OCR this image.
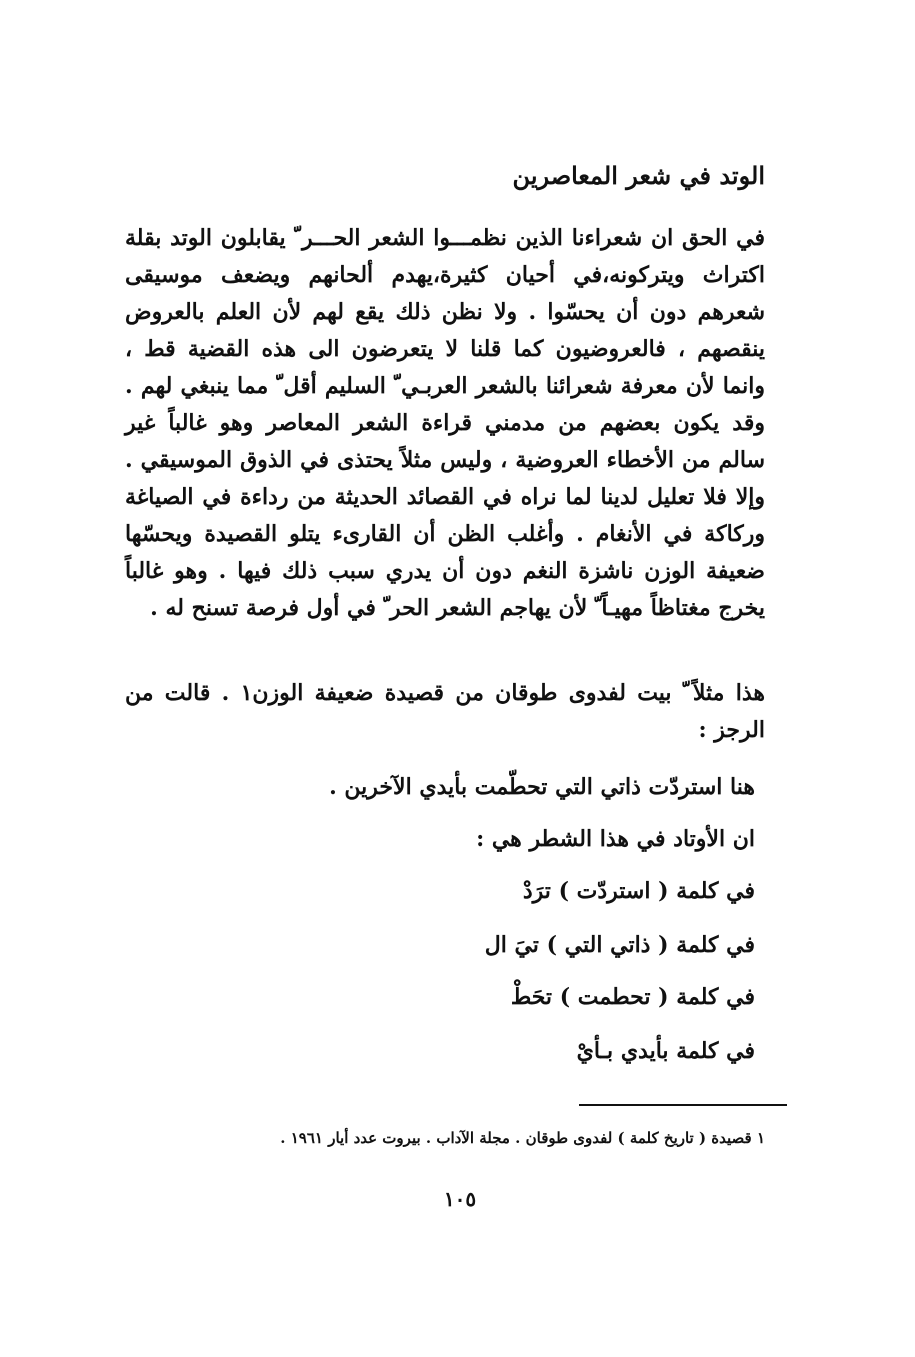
الوتد في شعر المعاصرين
في الحق ان شعراءنا الذين نظمـــوا الشعر الحـــر ّ يقابلون الوتد بقلة اكتراث ويتركونه،في أحيان كثيرة،يهدم ألحانهم ويضعف موسيقى شعرهم دون أن يحسّوا . ولا نظن ذلك يقع لهم لأن العلم بالعروض ينقصهم ، فالعروضيون كما قلنا لا يتعرضون الى هذه القضية قط ، وانما لأن معرفة شعرائنا بالشعر العربـي ّ السليم أقل ّ مما ينبغي لهم . وقد يكون بعضهم من مدمني قراءة الشعر المعاصر وهو غالباً غير سالم من الأخطاء العروضية ، وليس مثلاً يحتذى في الذوق الموسيقي . وإلا فلا تعليل لدينا لما نراه في القصائد الحديثة من رداءة في الصياغة وركاكة في الأنغام . وأغلب الظن أن القارىء يتلو القصيدة ويحسّها ضعيفة الوزن ناشزة النغم دون أن يدري سبب ذلك فيها . وهو غالباً يخرج مغتاظاً مهيـاً ّ لأن يهاجم الشعر الحر ّ في أول فرصة تسنح له .
هذا مثلاً ّ بيت لفدوى طوقان من قصيدة ضعيفة الوزن١ . قالت من الرجز :
هنا استردّت ذاتي التي تحطّمت بأيدي الآخرين .
ان الأوتاد في هذا الشطر هي :
ترَدْ في كلمة ( استردّت )
تيَ ال في كلمة ( ذاتي التي )
تحَطْ في كلمة ( تحطمت )
بـأيْ في كلمة بأيدي
١ قصيدة ( تاريخ كلمة ) لفدوى طوقان . مجلة الآداب . بيروت عدد أيار ١٩٦١ .
١٠٥
